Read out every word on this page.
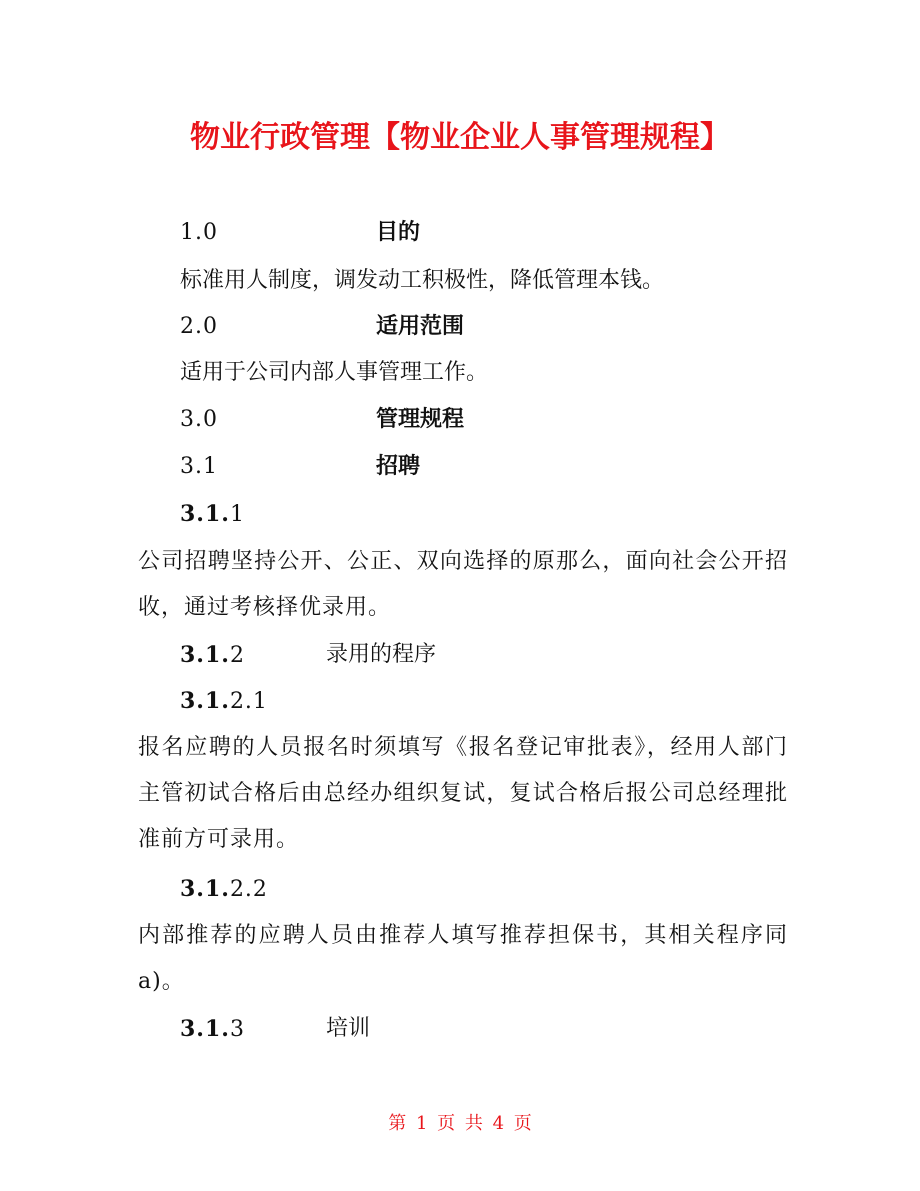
物业行政管理【物业企业人事管理规程】
1.0	目的
标准用人制度，调发动工积极性，降低管理本钱。
2.0	适用范围
适用于公司内部人事管理工作。
3.0	管理规程
3.1	招聘
3.1.1
公司招聘坚持公开、公正、双向选择的原那么，面向社会公开招收，通过考核择优录用。
3.1.2	录用的程序
3.1.2.1
报名应聘的人员报名时须填写《报名登记审批表》，经用人部门主管初试合格后由总经办组织复试，复试合格后报公司总经理批准前方可录用。
3.1.2.2
内部推荐的应聘人员由推荐人填写推荐担保书，其相关程序同a)。
3.1.3	培训
第 1 页 共 4 页
